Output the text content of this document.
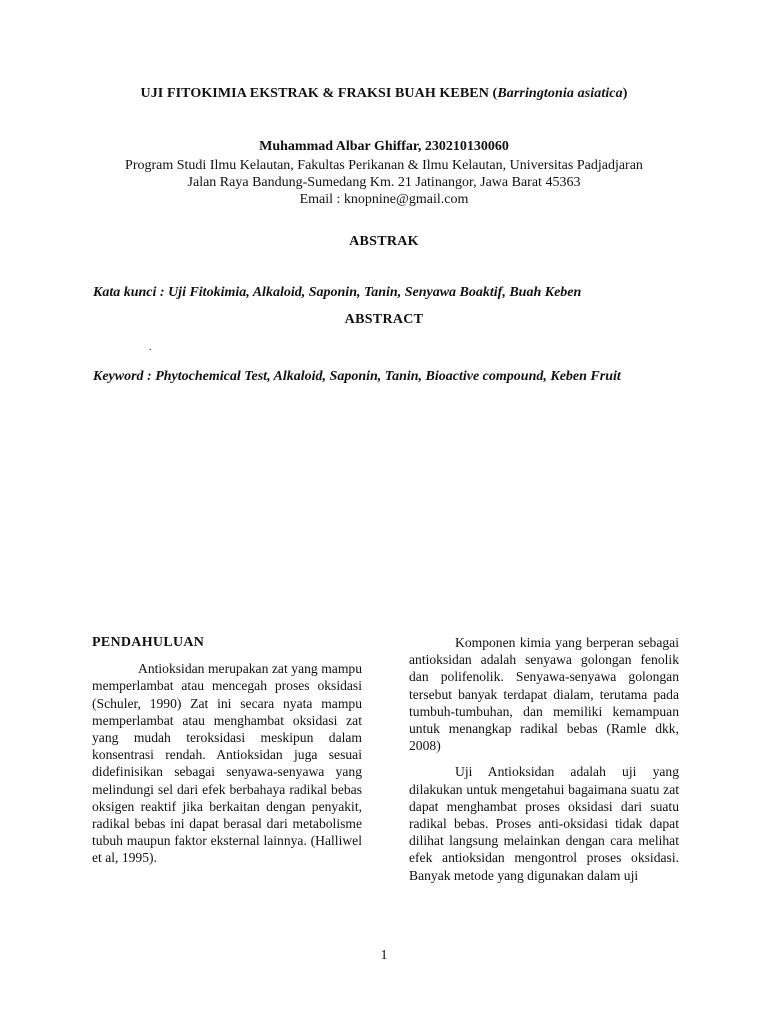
UJI FITOKIMIA EKSTRAK & FRAKSI BUAH KEBEN (Barringtonia asiatica)
Muhammad Albar Ghiffar, 230210130060
Program Studi Ilmu Kelautan, Fakultas Perikanan & Ilmu Kelautan, Universitas Padjadjaran
Jalan Raya Bandung-Sumedang Km. 21 Jatinangor, Jawa Barat 45363
Email : knopnine@gmail.com
ABSTRAK
Kata kunci : Uji Fitokimia, Alkaloid, Saponin, Tanin, Senyawa Boaktif, Buah Keben
ABSTRACT
.
Keyword : Phytochemical Test, Alkaloid, Saponin, Tanin, Bioactive compound, Keben Fruit
PENDAHULUAN

Antioksidan merupakan zat yang mampu memperlambat atau mencegah proses oksidasi (Schuler, 1990) Zat ini secara nyata mampu memperlambat atau menghambat oksidasi zat yang mudah teroksidasi meskipun dalam konsentrasi rendah. Antioksidan juga sesuai didefinisikan sebagai senyawa-senyawa yang melindungi sel dari efek berbahaya radikal bebas oksigen reaktif jika berkaitan dengan penyakit, radikal bebas ini dapat berasal dari metabolisme tubuh maupun faktor eksternal lainnya. (Halliwel et al, 1995).

Komponen kimia yang berperan sebagai antioksidan adalah senyawa golongan fenolik dan polifenolik. Senyawa-senyawa golongan tersebut banyak terdapat dialam, terutama pada tumbuh-tumbuhan, dan memiliki kemampuan untuk menangkap radikal bebas (Ramle dkk, 2008)

Uji Antioksidan adalah uji yang dilakukan untuk mengetahui bagaimana suatu zat dapat menghambat proses oksidasi dari suatu radikal bebas. Proses anti-oksidasi tidak dapat dilihat langsung melainkan dengan cara melihat efek antioksidan mengontrol proses oksidasi. Banyak metode yang digunakan dalam uji

1
